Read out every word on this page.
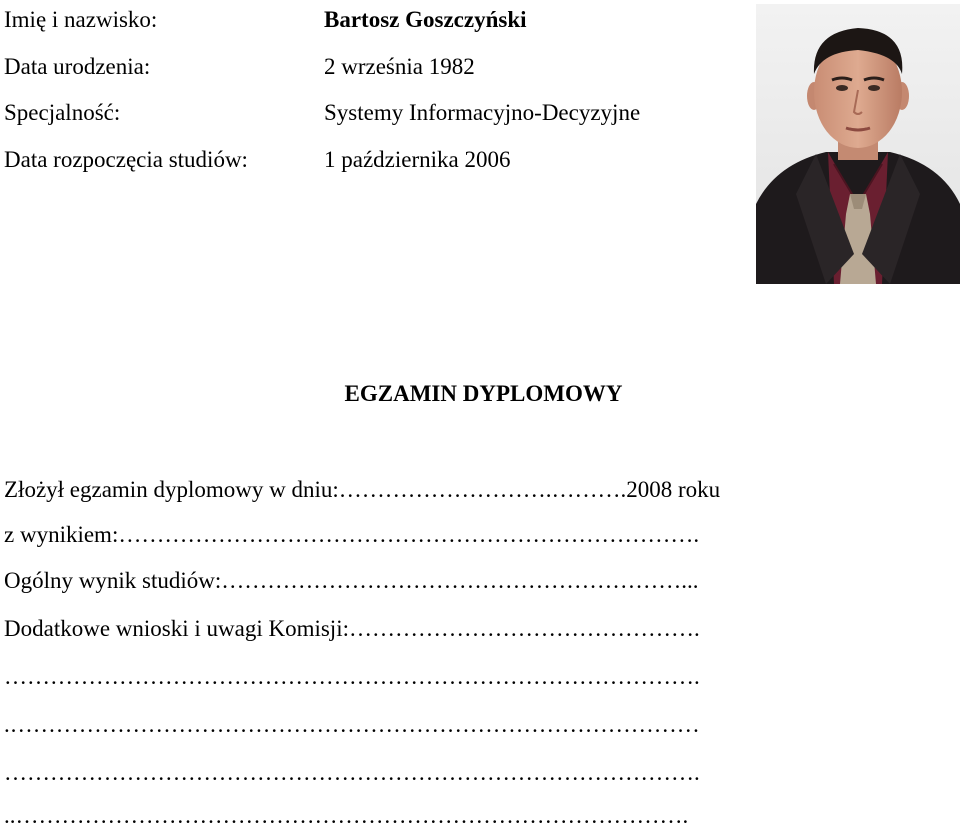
Imię i nazwisko:	Bartosz Goszczyński
Data urodzenia:	2 września 1982
Specjalność:	Systemy Informacyjno-Decyzyjne
Data rozpoczęcia studiów:	1 października 2006
EGZAMIN DYPLOMOWY
Złożył egzamin dyplomowy w dniu:……………………….……….2008 roku
z wynikiem:………………………………………………………………….
Ogólny wynik studiów:……………………………………………………...
Dodatkowe wnioski i uwagi Komisji:……………………………………….
……………………………………………………………………………….
.………………………………………………………………………………
……………………………………………………………………………….
..…………………………………………………………………………….
